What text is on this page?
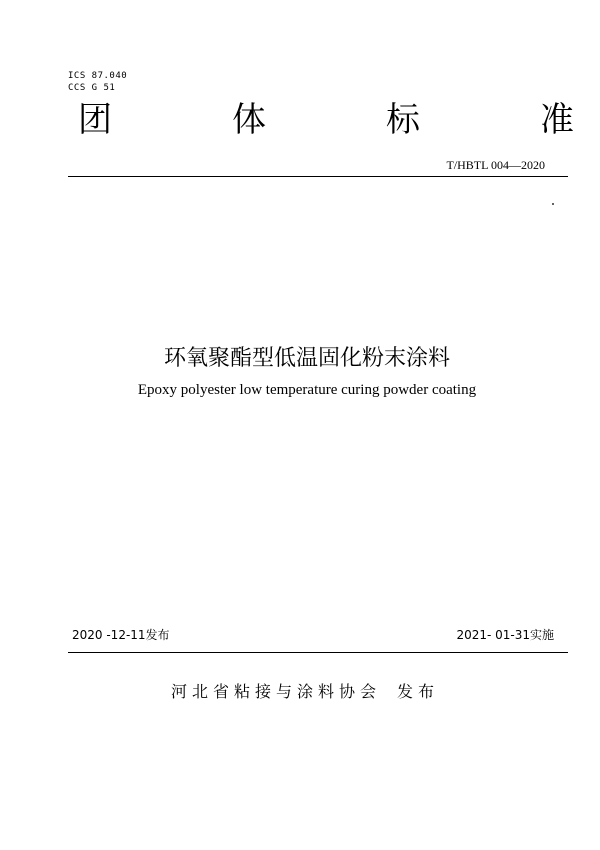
ICS 87.040
CCS G 51
团	体	标	准
T/HBTL 004—2020
环氧聚酯型低温固化粉末涂料
Epoxy polyester low temperature curing powder coating
2020 -12-11发布	2021- 01-31实施
河北省粘接与涂料协会 发布
